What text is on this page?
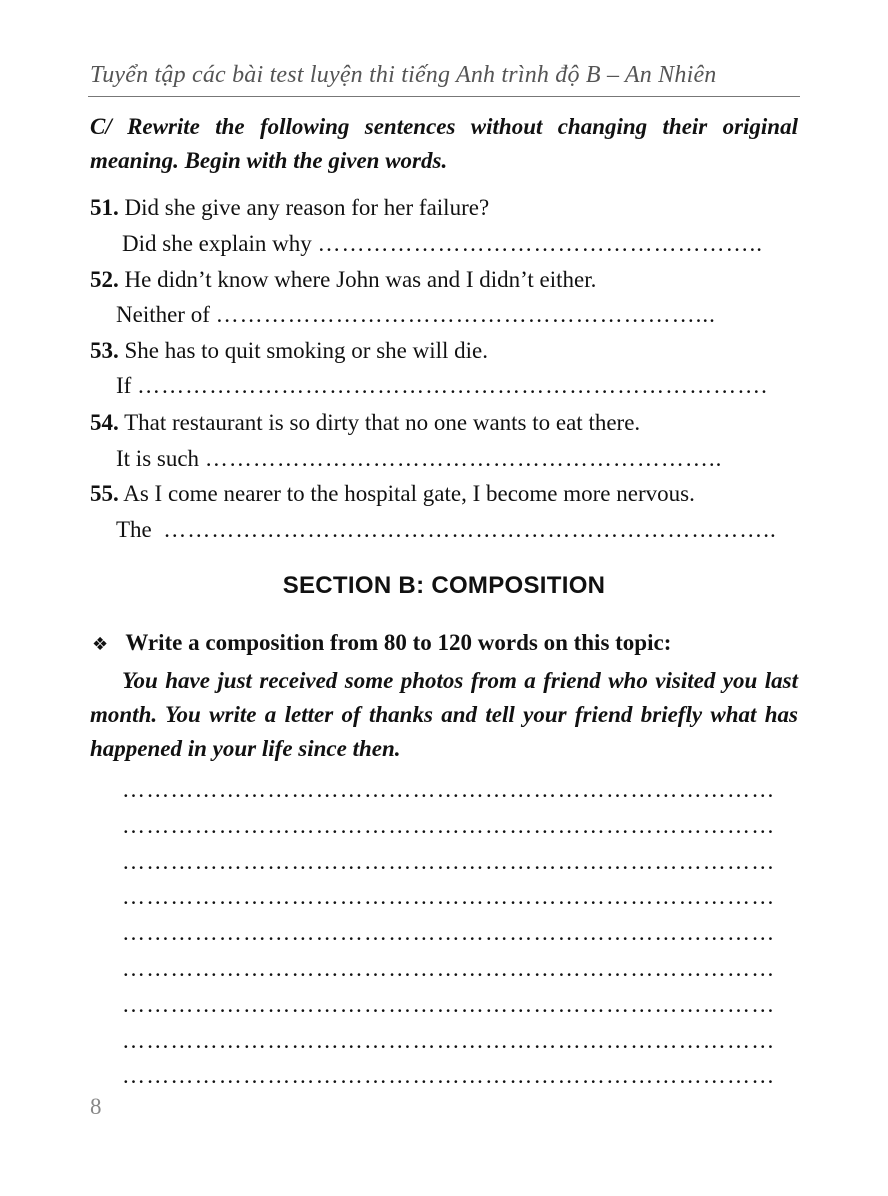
Tuyển tập các bài test luyện thi tiếng Anh trình độ B – An Nhiên
C/ Rewrite the following sentences without changing their original meaning. Begin with the given words.
51. Did she give any reason for her failure?
Did she explain why
………………………………………………..
52. He didn’t know where John was and I didn’t either.
Neither of
……………………………………………………...
53. She has to quit smoking or she will die.
If
…………………………………………………………………….
54. That restaurant is so dirty that no one wants to eat there.
It is such
………………………………………………………..
55. As I come nearer to the hospital gate, I become more nervous.
The
…………………………………………………………………..
SECTION B: COMPOSITION
❖ Write a composition from 80 to 120 words on this topic:
You have just received some photos from a friend who visited you last month. You write a letter of thanks and tell your friend briefly what has happened in your life since then.
………………………………………………………………………
………………………………………………………………………
………………………………………………………………………
………………………………………………………………………
………………………………………………………………………
………………………………………………………………………
………………………………………………………………………
………………………………………………………………………
………………………………………………………………………
8
